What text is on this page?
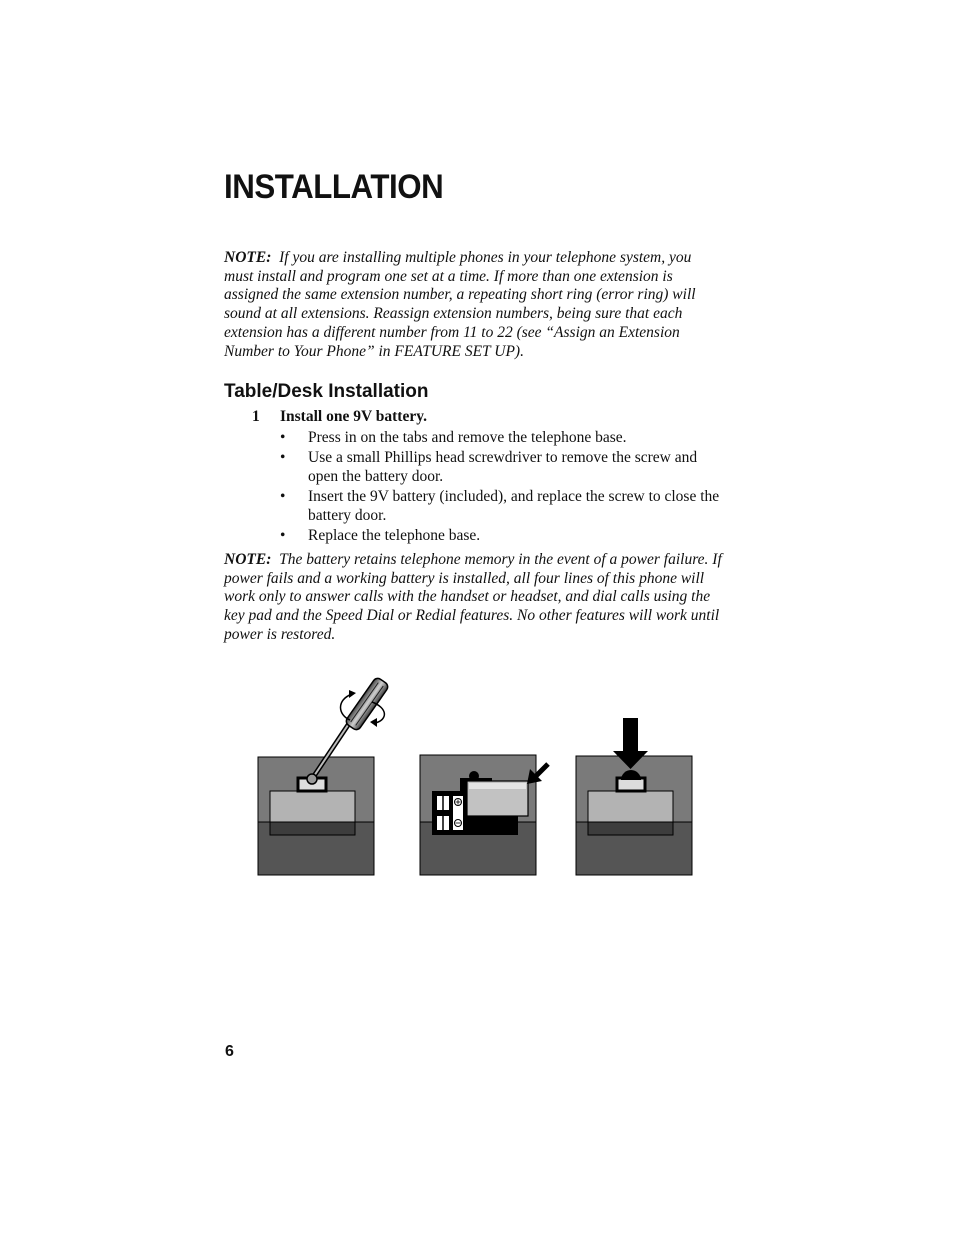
INSTALLATION

NOTE: If you are installing multiple phones in your telephone system, you must install and program one set at a time. If more than one extension is assigned the same extension number, a repeating short ring (error ring) will sound at all extensions. Reassign extension numbers, being sure that each extension has a different number from 11 to 22 (see “Assign an Extension Number to Your Phone” in FEATURE SET UP).

Table/Desk Installation

1 Install one 9V battery.

• Press in on the tabs and remove the telephone base.
• Use a small Phillips head screwdriver to remove the screw and open the battery door.
• Insert the 9V battery (included), and replace the screw to close the battery door.
• Replace the telephone base.

NOTE: The battery retains telephone memory in the event of a power failure. If power fails and a working battery is installed, all four lines of this phone will work only to answer calls with the handset or headset, and dial calls using the key pad and the Speed Dial or Redial features. No other features will work until power is restored.

6
